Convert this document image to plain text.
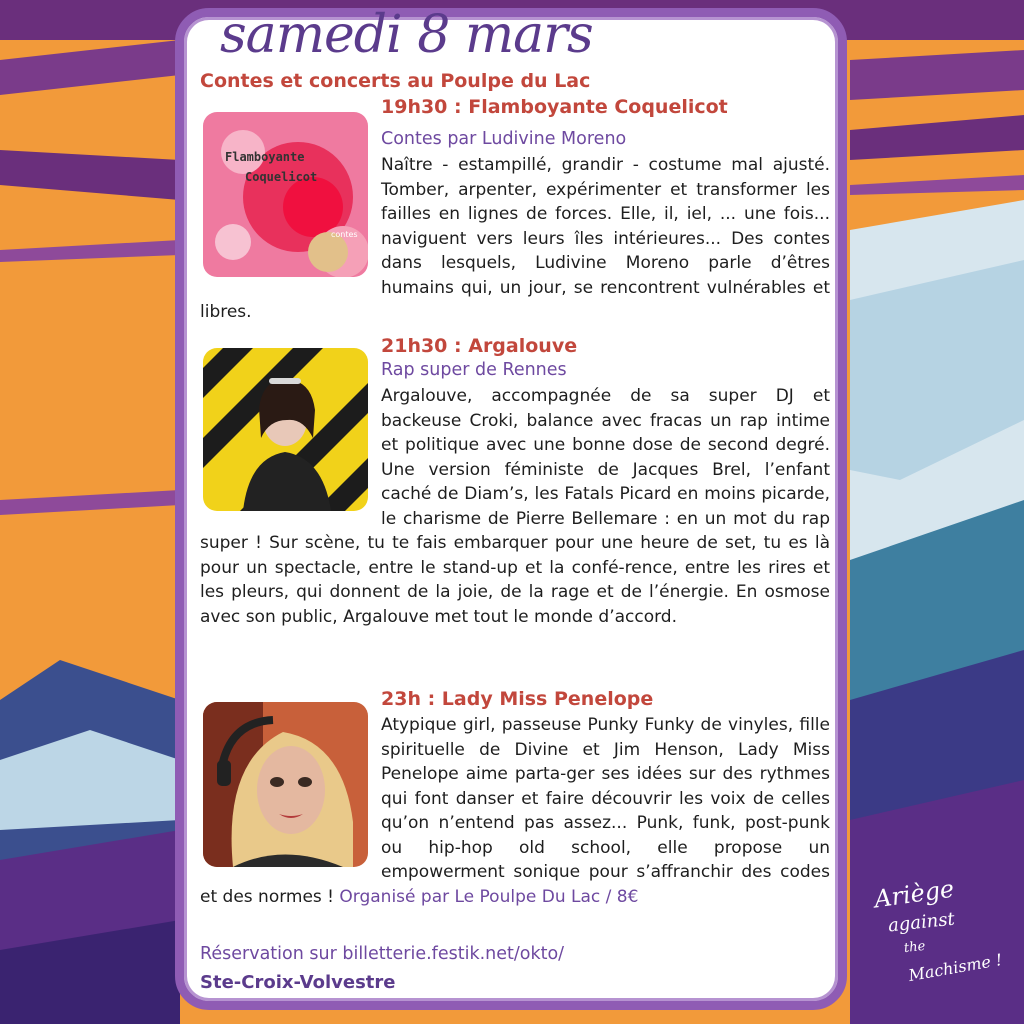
samedi 8 mars
Contes et concerts au Poulpe du Lac
19h30 : Flamboyante Coquelicot
Contes par Ludivine Moreno
Flamboyante
Coquelicot
contes
Naître - estampillé, grandir - costume mal ajusté. Tomber, arpenter, expérimenter et transformer les failles en lignes de forces. Elle, il, iel, ... une fois... naviguent vers leurs îles intérieures... Des contes dans lesquels, Ludivine Moreno parle d’êtres humains qui, un jour, se rencontrent vulnérables et libres.
21h30 : Argalouve
Rap super de Rennes
Argalouve, accompagnée de sa super DJ et backeuse Croki, balance avec fracas un rap intime et politique avec une bonne dose de second degré. Une version féministe de Jacques Brel, l’enfant caché de Diam’s, les Fatals Picard en moins picarde, le charisme de Pierre Bellemare : en un mot du rap super ! Sur scène, tu te fais embarquer pour une heure de set, tu es là pour un spectacle, entre le stand-up et la confé-rence, entre les rires et les pleurs, qui donnent de la joie, de la rage et de l’énergie. En osmose avec son public, Argalouve met tout le monde d’accord.
23h : Lady Miss Penelope
Atypique girl, passeuse Punky Funky de vinyles, fille spirituelle de Divine et Jim Henson, Lady Miss Penelope aime parta-ger ses idées sur des rythmes qui font danser et faire découvrir les voix de celles qu’on n’entend pas assez... Punk, funk, post-punk ou hip-hop old school, elle propose un empowerment sonique pour s’affranchir des codes et des normes ! Organisé par Le Poulpe Du Lac / 8€
Réservation sur billetterie.festik.net/okto/
Ste-Croix-Volvestre
Ariège
against
the
Machisme !
